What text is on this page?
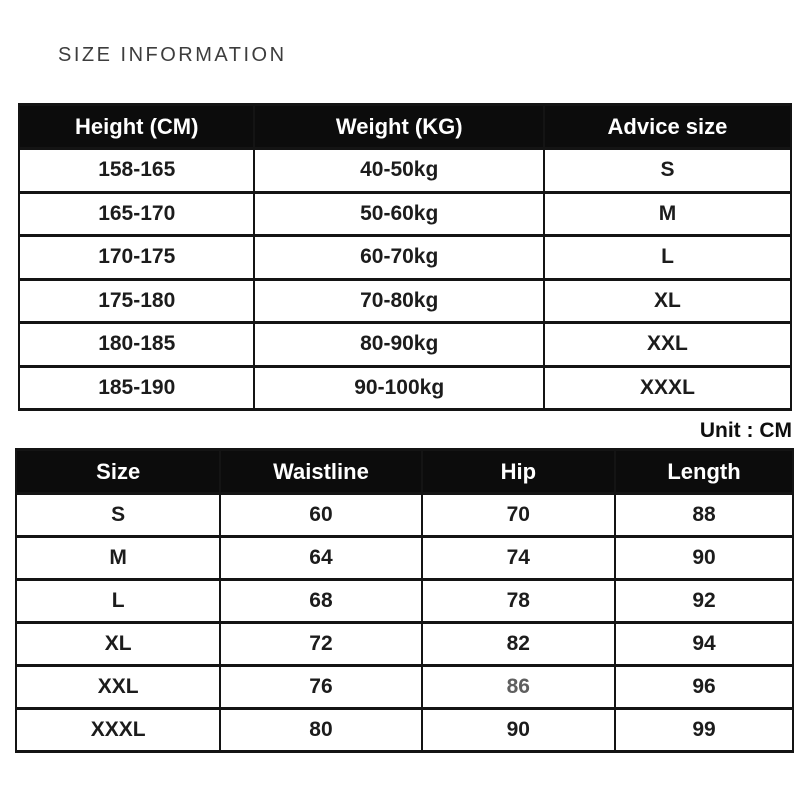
SIZE INFORMATION
Height (CM)	Weight (KG)	Advice size
158-165	40-50kg	S
165-170	50-60kg	M
170-175	60-70kg	L
175-180	70-80kg	XL
180-185	80-90kg	XXL
185-190	90-100kg	XXXL
Unit : CM
Size	Waistline	Hip	Length
S	60	70	88
M	64	74	90
L	68	78	92
XL	72	82	94
XXL	76	86	96
XXXL	80	90	99
